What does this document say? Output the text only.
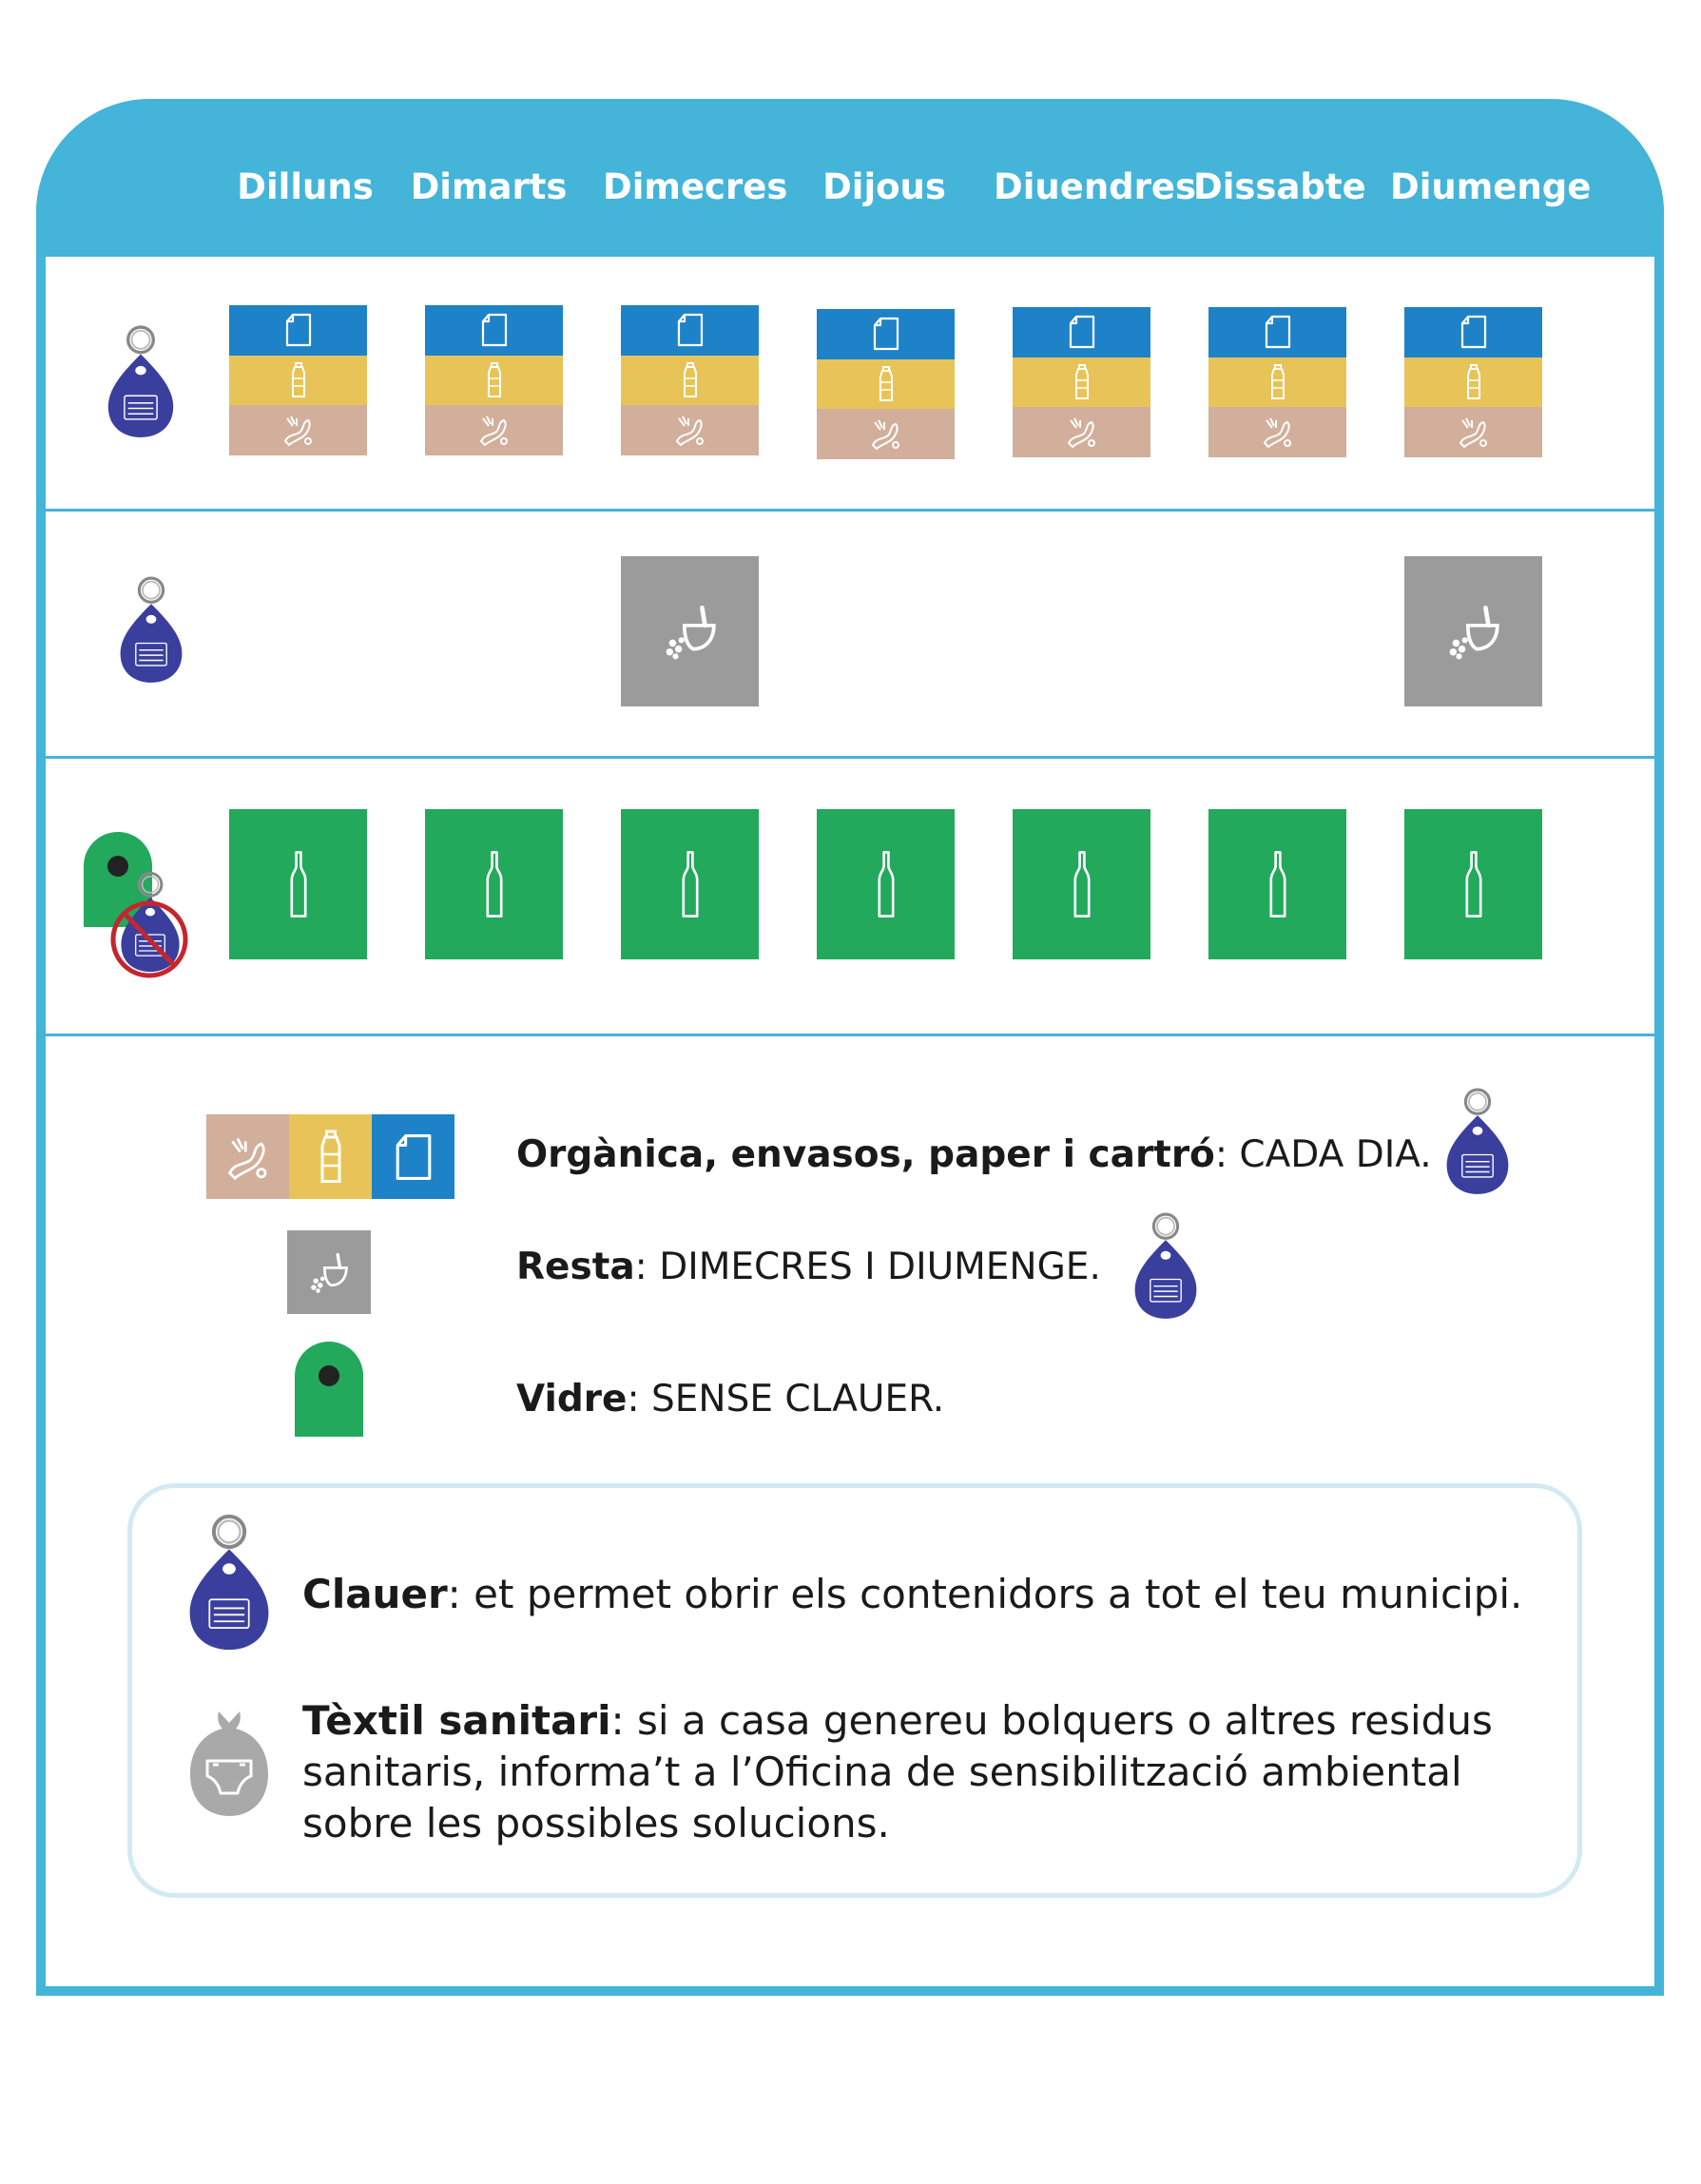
Dilluns	Dimarts Dimecres Dijous	Diuendres
Dissabte Diumenge
Orgànica, envasos, paper i cartró: CADA DIA.
Resta: DIMECRES I DIUMENGE.
Vidre: SENSE CLAUER.
Clauer: et permet obrir els contenidors a tot el teu municipi.
Tèxtil sanitari: si a casa genereu bolquers o altres residus
sanitaris, informa’t a l’Oficina de sensibilització ambiental
sobre les possibles solucions.
